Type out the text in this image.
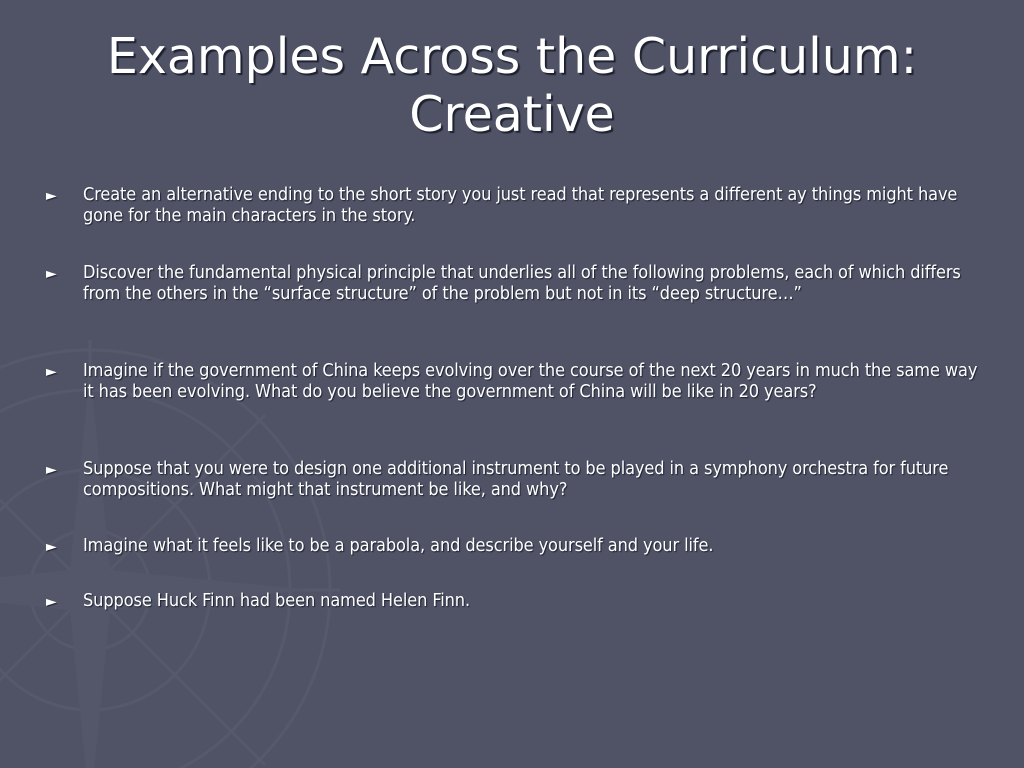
Examples Across the Curriculum:
Creative
► Create an alternative ending to the short story you just read that represents a different ay things might have gone for the main characters in the story.
► Discover the fundamental physical principle that underlies all of the following problems, each of which differs from the others in the “surface structure” of the problem but not in its “deep structure…”
► Imagine if the government of China keeps evolving over the course of the next 20 years in much the same way it has been evolving. What do you believe the government of China will be like in 20 years?
► Suppose that you were to design one additional instrument to be played in a symphony orchestra for future compositions. What might that instrument be like, and why?
► Imagine what it feels like to be a parabola, and describe yourself and your life.
► Suppose Huck Finn had been named Helen Finn.
